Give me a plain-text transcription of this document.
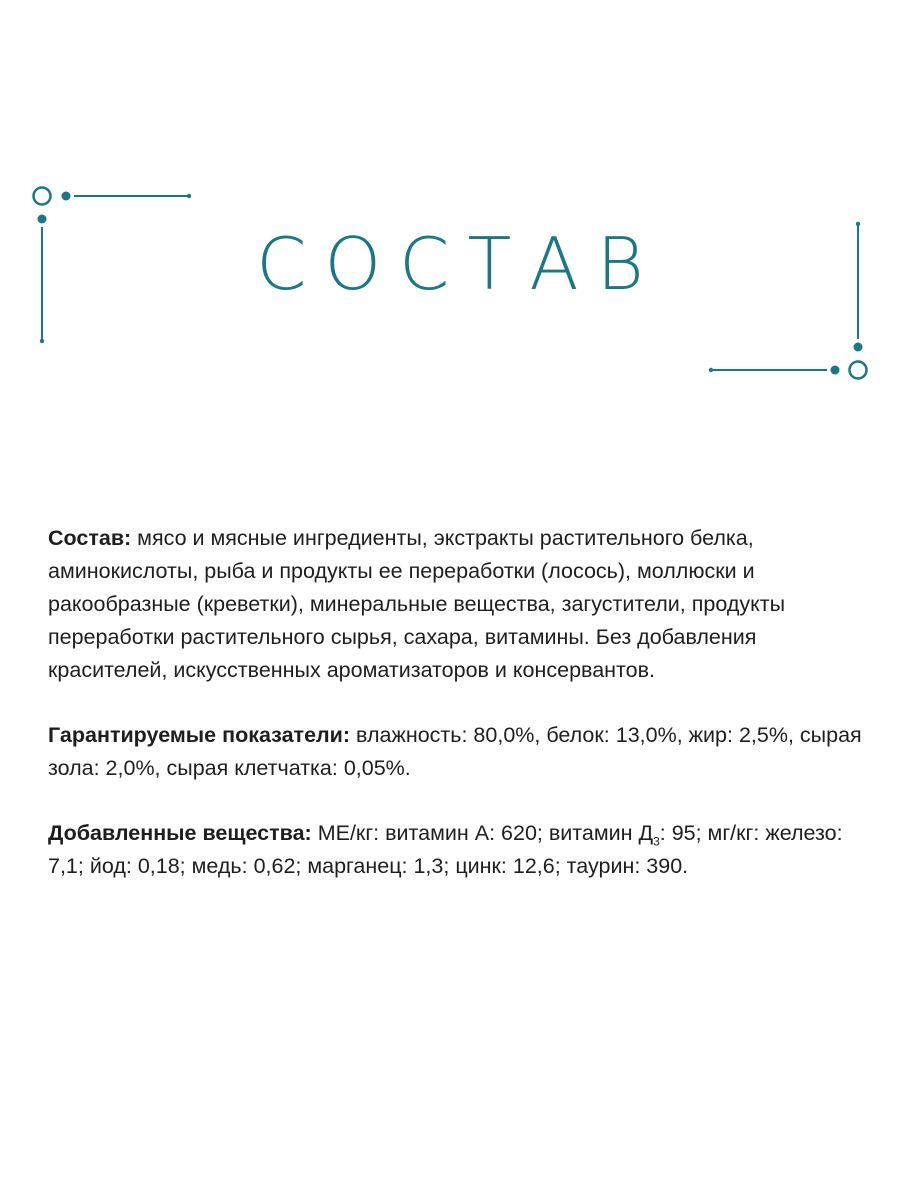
СОСТАВ

Состав: мясо и мясные ингредиенты, экстракты растительного белка, аминокислоты, рыба и продукты ее переработки (лосось), моллюски и ракообразные (креветки), минеральные вещества, загустители, продукты переработки растительного сырья, сахара, витамины. Без добавления красителей, искусственных ароматизаторов и консервантов.

Гарантируемые показатели: влажность: 80,0%, белок: 13,0%, жир: 2,5%, сырая зола: 2,0%, сырая клетчатка: 0,05%.

Добавленные вещества: МЕ/кг: витамин А: 620; витамин $Д_3$: 95; мг/кг: железо: 7,1; йод: 0,18; медь: 0,62; марганец: 1,3; цинк: 12,6; таурин: 390.
